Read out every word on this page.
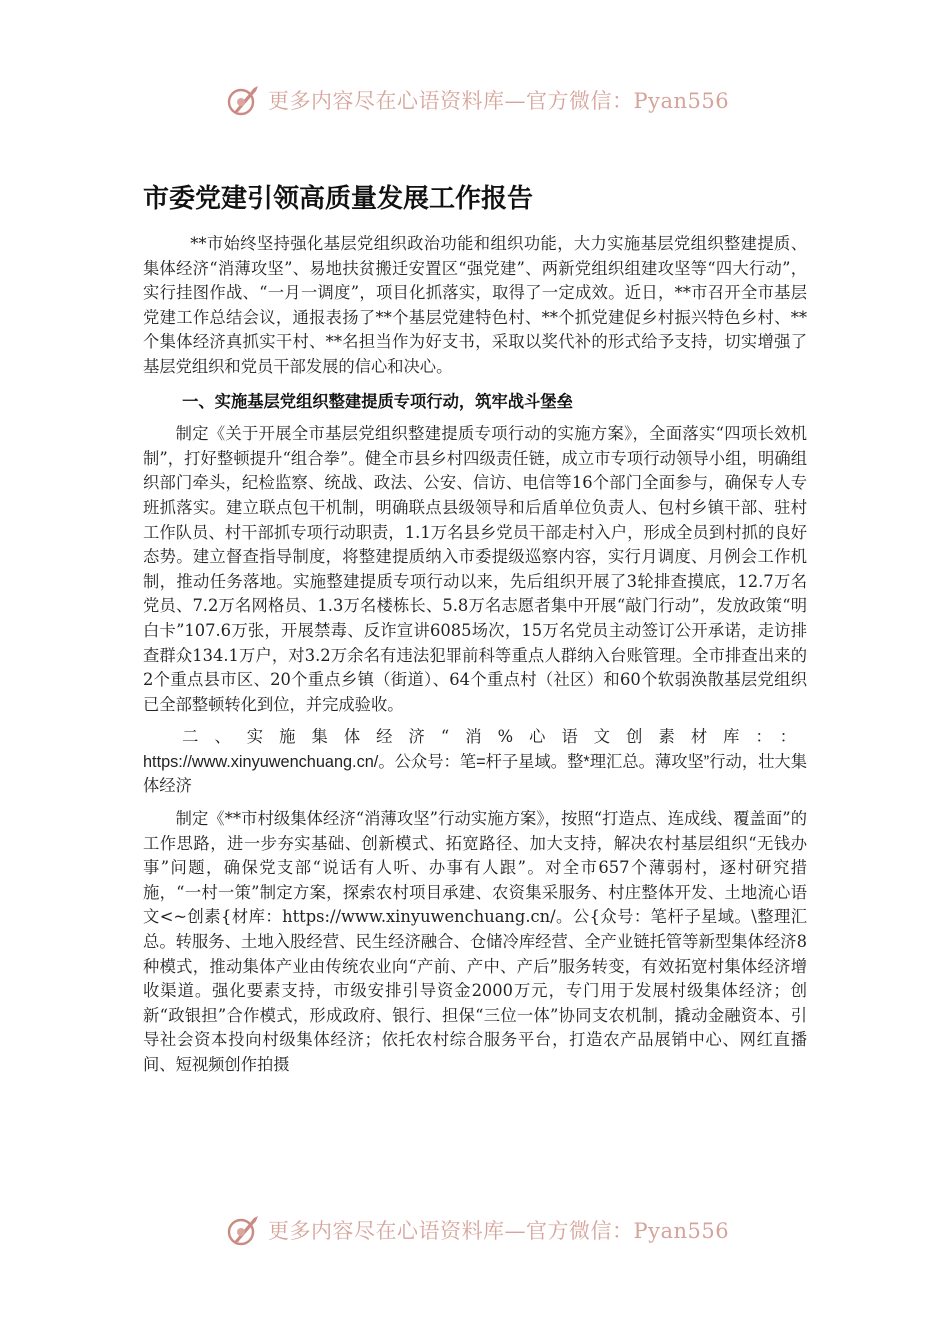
更多内容尽在心语资料库—官方微信：Pyan556
市委党建引领高质量发展工作报告

**市始终坚持强化基层党组织政治功能和组织功能，大力实施基层党组织整建提质、集体经济“消薄攻坚”、易地扶贫搬迁安置区“强党建”、两新党组织组建攻坚等“四大行动”，实行挂图作战、“一月一调度”，项目化抓落实，取得了一定成效。近日，**市召开全市基层党建工作总结会议，通报表扬了**个基层党建特色村、**个抓党建促乡村振兴特色乡村、**个集体经济真抓实干村、**名担当作为好支书，采取以奖代补的形式给予支持，切实增强了基层党组织和党员干部发展的信心和决心。

一、实施基层党组织整建提质专项行动，筑牢战斗堡垒

制定《关于开展全市基层党组织整建提质专项行动的实施方案》，全面落实“四项长效机制”，打好整顿提升“组合拳”。健全市县乡村四级责任链，成立市专项行动领导小组，明确组织部门牵头，纪检监察、统战、政法、公安、信访、电信等16个部门全面参与，确保专人专班抓落实。建立联点包干机制，明确联点县级领导和后盾单位负责人、包村乡镇干部、驻村工作队员、村干部抓专项行动职责，1.1万名县乡党员干部走村入户，形成全员到村抓的良好态势。建立督查指导制度，将整建提质纳入市委提级巡察内容，实行月调度、月例会工作机制，推动任务落地。实施整建提质专项行动以来，先后组织开展了3轮排查摸底，12.7万名党员、7.2万名网格员、1.3万名楼栋长、5.8万名志愿者集中开展“敲门行动”，发放政策“明白卡”107.6万张，开展禁毒、反诈宣讲6085场次，15万名党员主动签订公开承诺，走访排查群众134.1万户，对3.2万余名有违法犯罪前科等重点人群纳入台账管理。全市排查出来的2个重点县市区、20个重点乡镇（街道）、64个重点村（社区）和60个软弱涣散基层党组织已全部整顿转化到位，并完成验收。

二、实施集体经济“消%心语文创素材库：：https://www.xinyuwenchuang.cn/。公众号：笔=杆子星域。整*理汇总。薄攻坚”行动，壮大集体经济

制定《**市村级集体经济“消薄攻坚”行动实施方案》，按照“打造点、连成线、覆盖面”的工作思路，进一步夯实基础、创新模式、拓宽路径、加大支持，解决农村基层组织“无钱办事”问题，确保党支部“说话有人听、办事有人跟”。对全市657个薄弱村，逐村研究措施，“一村一策”制定方案，探索农村项目承建、农资集采服务、村庄整体开发、土地流心语文<~创素{材库：https://www.xinyuwenchuang.cn/。公{众号：笔杆子星域。\整理汇总。转服务、土地入股经营、民生经济融合、仓储冷库经营、全产业链托管等新型集体经济8种模式，推动集体产业由传统农业向“产前、产中、产后”服务转变，有效拓宽村集体经济增收渠道。强化要素支持，市级安排引导资金2000万元，专门用于发展村级集体经济；创新“政银担”合作模式，形成政府、银行、担保“三位一体”协同支农机制，撬动金融资本、引导社会资本投向村级集体经济；依托农村综合服务平台，打造农产品展销中心、网红直播间、短视频创作拍摄

更多内容尽在心语资料库—官方微信：Pyan556
